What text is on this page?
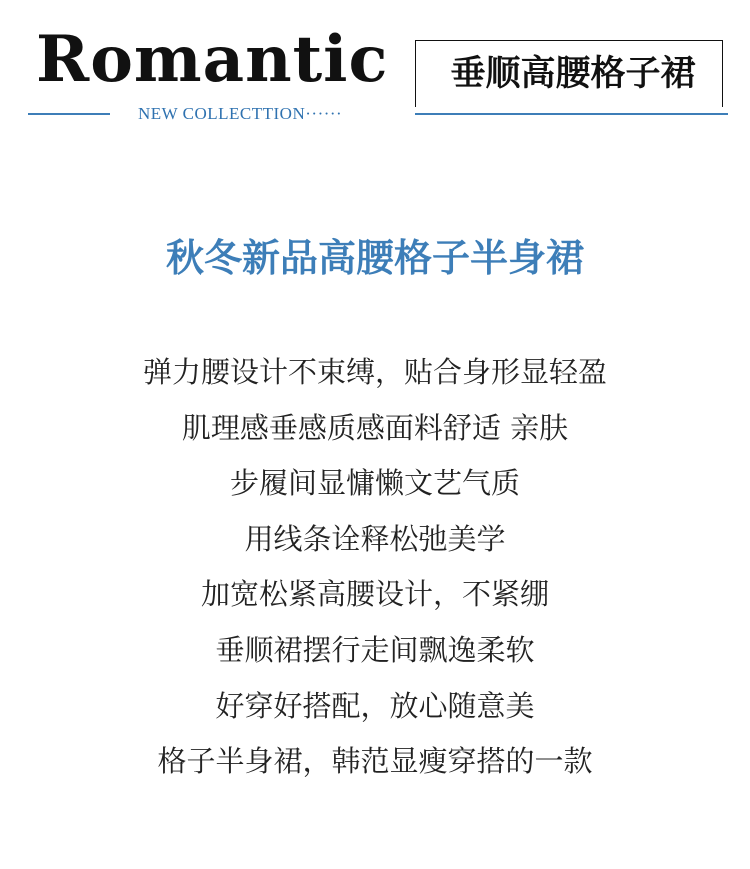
Romantic
NEW COLLECTTION······
垂顺高腰格子裙
秋冬新品高腰格子半身裙
弹力腰设计不束缚，贴合身形显轻盈
肌理感垂感质感面料舒适 亲肤
步履间显慵懒文艺气质
用线条诠释松弛美学
加宽松紧高腰设计，不紧绷
垂顺裙摆行走间飘逸柔软
好穿好搭配，放心随意美
格子半身裙，韩范显瘦穿搭的一款
